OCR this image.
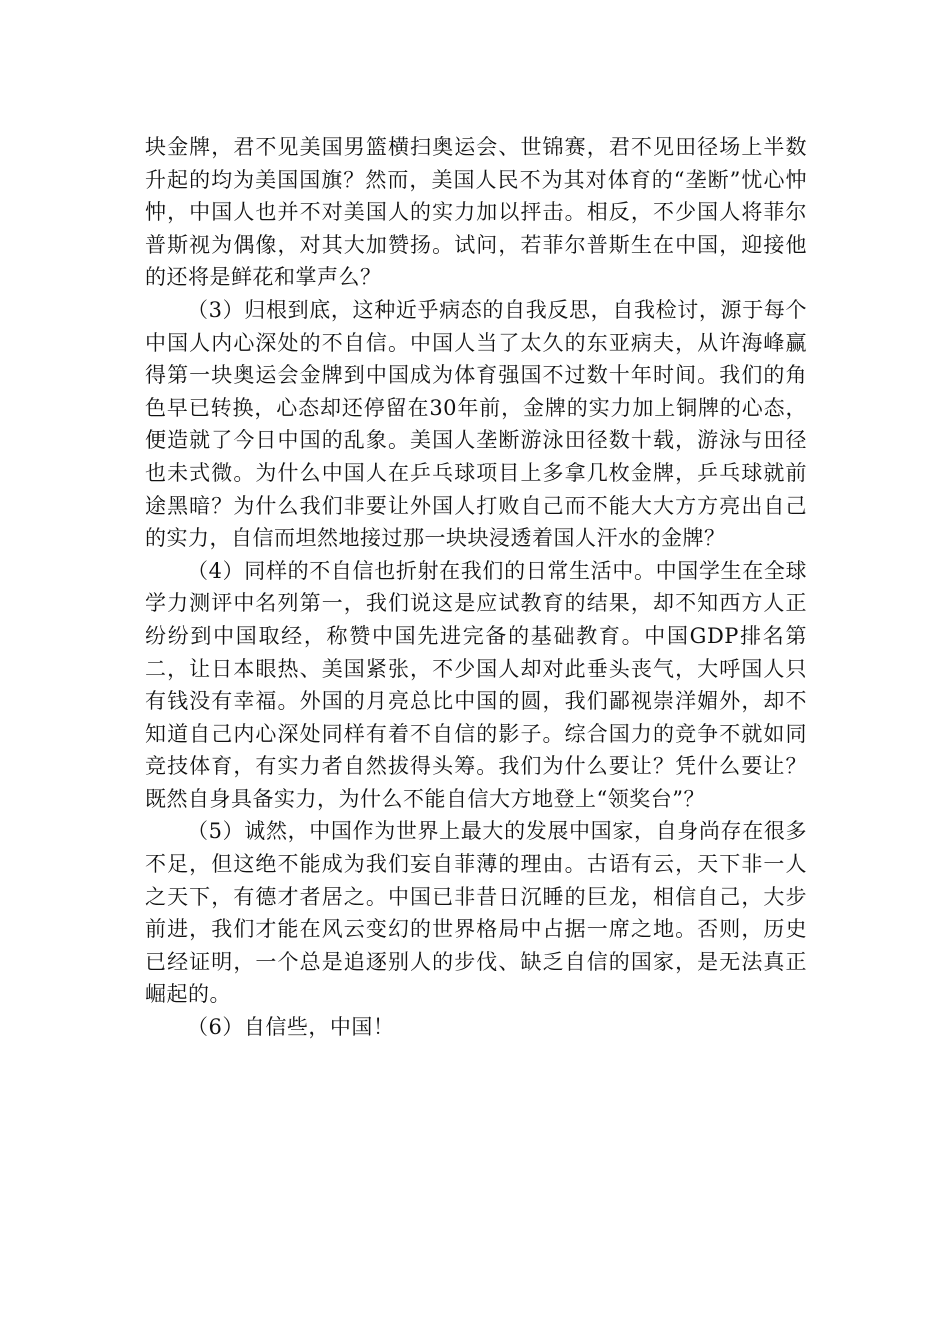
块金牌，君不见美国男篮横扫奥运会、世锦赛，君不见田径场上半数升起的均为美国国旗？然而，美国人民不为其对体育的“垄断”忧心忡忡，中国人也并不对美国人的实力加以抨击。相反，不少国人将菲尔普斯视为偶像，对其大加赞扬。试问，若菲尔普斯生在中国，迎接他的还将是鲜花和掌声么？

（3）归根到底，这种近乎病态的自我反思，自我检讨，源于每个中国人内心深处的不自信。中国人当了太久的东亚病夫，从许海峰赢得第一块奥运会金牌到中国成为体育强国不过数十年时间。我们的角色早已转换，心态却还停留在30年前，金牌的实力加上铜牌的心态，便造就了今日中国的乱象。美国人垄断游泳田径数十载，游泳与田径也未式微。为什么中国人在乒乓球项目上多拿几枚金牌，乒乓球就前途黑暗？为什么我们非要让外国人打败自己而不能大大方方亮出自己的实力，自信而坦然地接过那一块块浸透着国人汗水的金牌？

（4）同样的不自信也折射在我们的日常生活中。中国学生在全球学力测评中名列第一，我们说这是应试教育的结果，却不知西方人正纷纷到中国取经，称赞中国先进完备的基础教育。中国GDP排名第二，让日本眼热、美国紧张，不少国人却对此垂头丧气，大呼国人只有钱没有幸福。外国的月亮总比中国的圆，我们鄙视崇洋媚外，却不知道自己内心深处同样有着不自信的影子。综合国力的竞争不就如同竞技体育，有实力者自然拔得头筹。我们为什么要让？凭什么要让？既然自身具备实力，为什么不能自信大方地登上“领奖台”？

（5）诚然，中国作为世界上最大的发展中国家，自身尚存在很多不足，但这绝不能成为我们妄自菲薄的理由。古语有云，天下非一人之天下，有德才者居之。中国已非昔日沉睡的巨龙，相信自己，大步前进，我们才能在风云变幻的世界格局中占据一席之地。否则，历史已经证明，一个总是追逐别人的步伐、缺乏自信的国家，是无法真正崛起的。

（6）自信些，中国！
